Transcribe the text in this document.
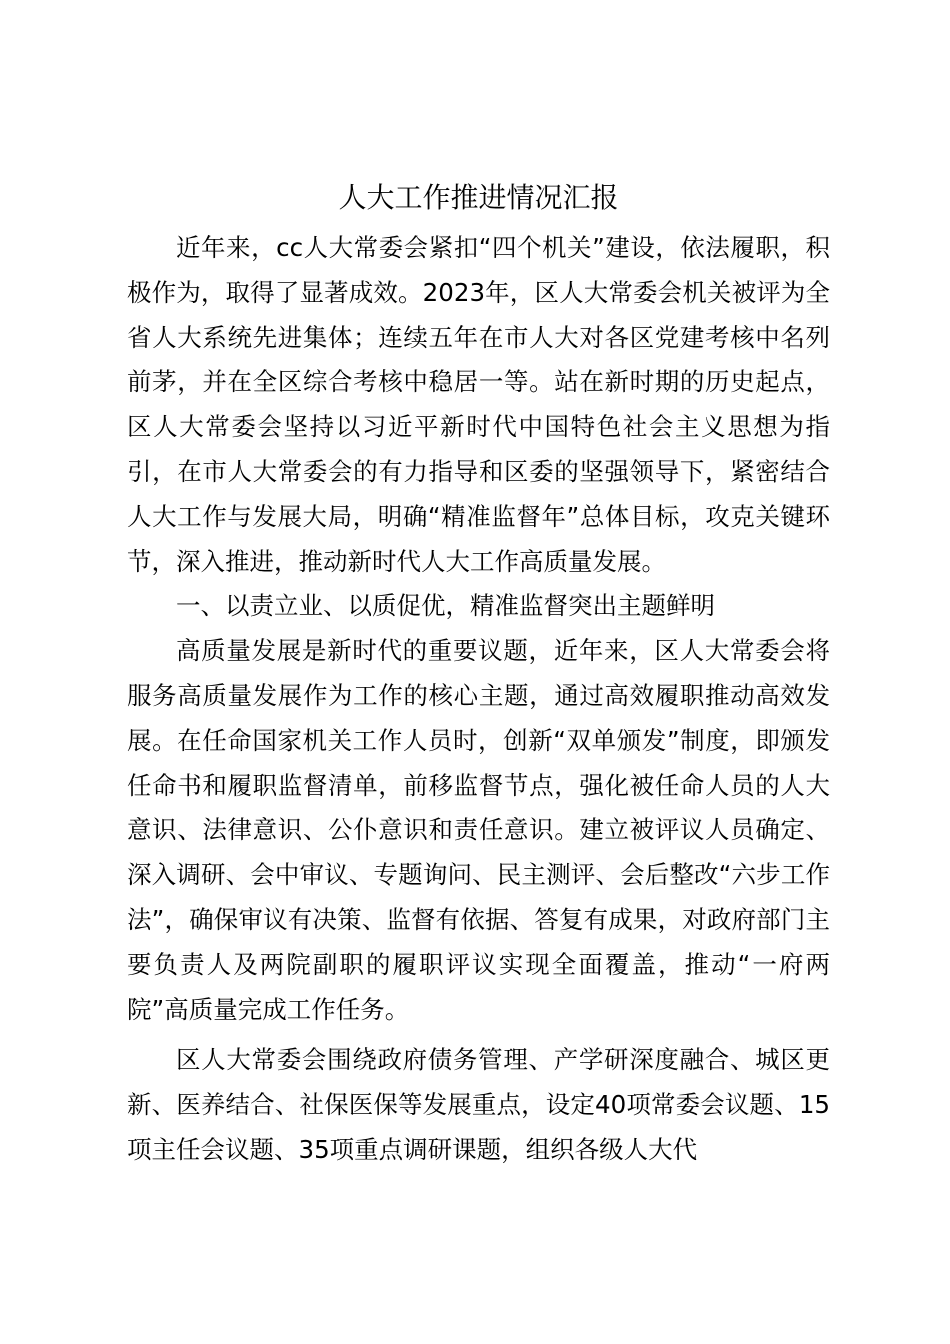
人大工作推进情况汇报

近年来，cc人大常委会紧扣“四个机关”建设，依法履职，积极作为，取得了显著成效。2023年，区人大常委会机关被评为全省人大系统先进集体；连续五年在市人大对各区党建考核中名列前茅，并在全区综合考核中稳居一等。站在新时期的历史起点，区人大常委会坚持以习近平新时代中国特色社会主义思想为指引，在市人大常委会的有力指导和区委的坚强领导下，紧密结合人大工作与发展大局，明确“精准监督年”总体目标，攻克关键环节，深入推进，推动新时代人大工作高质量发展。

一、以责立业、以质促优，精准监督突出主题鲜明

高质量发展是新时代的重要议题，近年来，区人大常委会将服务高质量发展作为工作的核心主题，通过高效履职推动高效发展。在任命国家机关工作人员时，创新“双单颁发”制度，即颁发任命书和履职监督清单，前移监督节点，强化被任命人员的人大意识、法律意识、公仆意识和责任意识。建立被评议人员确定、深入调研、会中审议、专题询问、民主测评、会后整改“六步工作法”，确保审议有决策、监督有依据、答复有成果，对政府部门主要负责人及两院副职的履职评议实现全面覆盖，推动“一府两院”高质量完成工作任务。

区人大常委会围绕政府债务管理、产学研深度融合、城区更新、医养结合、社保医保等发展重点，设定40项常委会议题、15项主任会议题、35项重点调研课题，组织各级人大代
